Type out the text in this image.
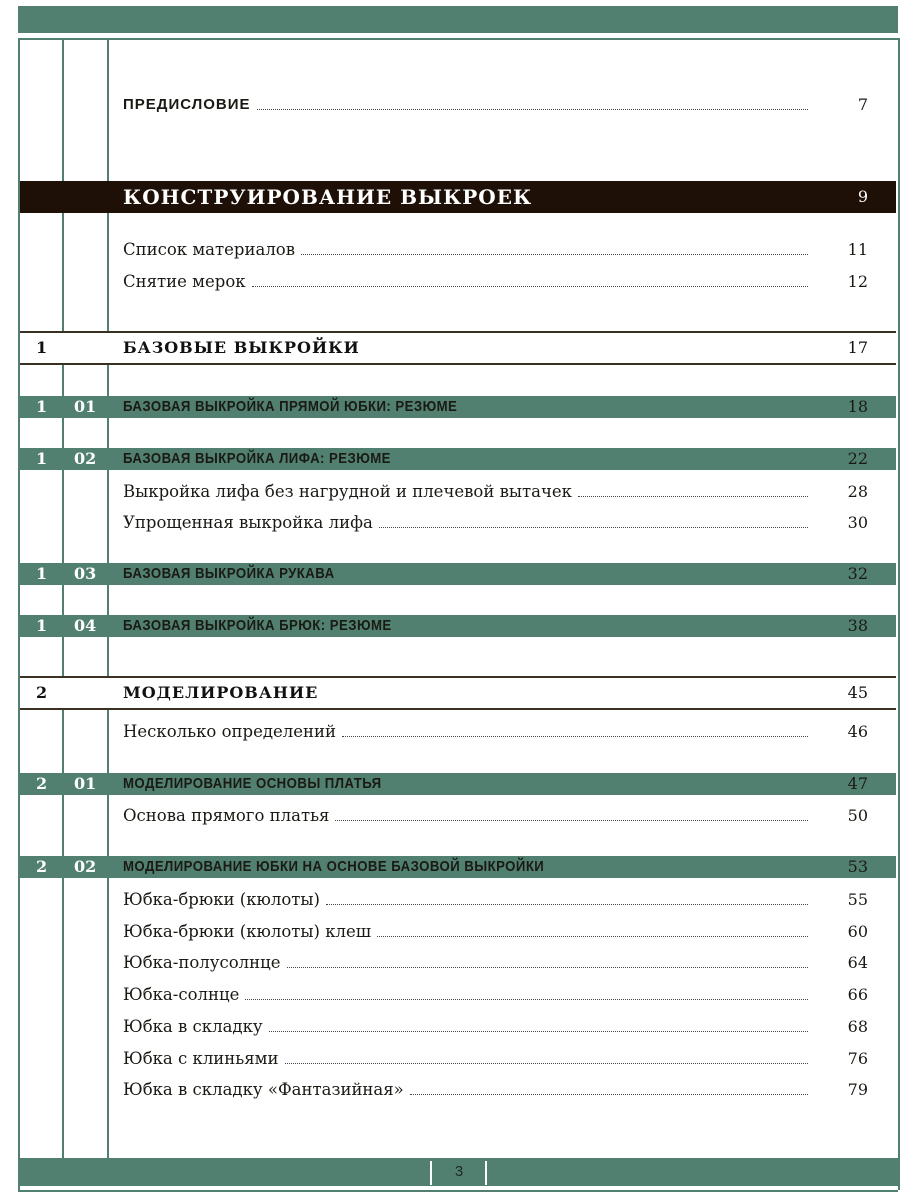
ПРЕДИСЛОВИЕ	7
КОНСТРУИРОВАНИЕ ВЫКРОЕК	9
Список материалов	11
Снятие мерок	12
1	БАЗОВЫЕ ВЫКРОЙКИ	17
1 01 БАЗОВАЯ ВЫКРОЙКА ПРЯМОЙ ЮБКИ: РЕЗЮМЕ	18
1 02 БАЗОВАЯ ВЫКРОЙКА ЛИФА: РЕЗЮМЕ	22
Выкройка лифа без нагрудной и плечевой вытачек	28
Упрощенная выкройка лифа	30
1 03 БАЗОВАЯ ВЫКРОЙКА РУКАВА	32
1 04 БАЗОВАЯ ВЫКРОЙКА БРЮК: РЕЗЮМЕ	38
2	МОДЕЛИРОВАНИЕ	45
Несколько определений	46
2 01 МОДЕЛИРОВАНИЕ ОСНОВЫ ПЛАТЬЯ	47
Основа прямого платья	50
2 02 МОДЕЛИРОВАНИЕ ЮБКИ НА ОСНОВЕ БАЗОВОЙ ВЫКРОЙКИ	53
Юбка-брюки (кюлоты)	55
Юбка-брюки (кюлоты) клеш	60
Юбка-полусолнце	64
Юбка-солнце	66
Юбка в складку	68
Юбка с клиньями	76
Юбка в складку «Фантазийная»	79
3
